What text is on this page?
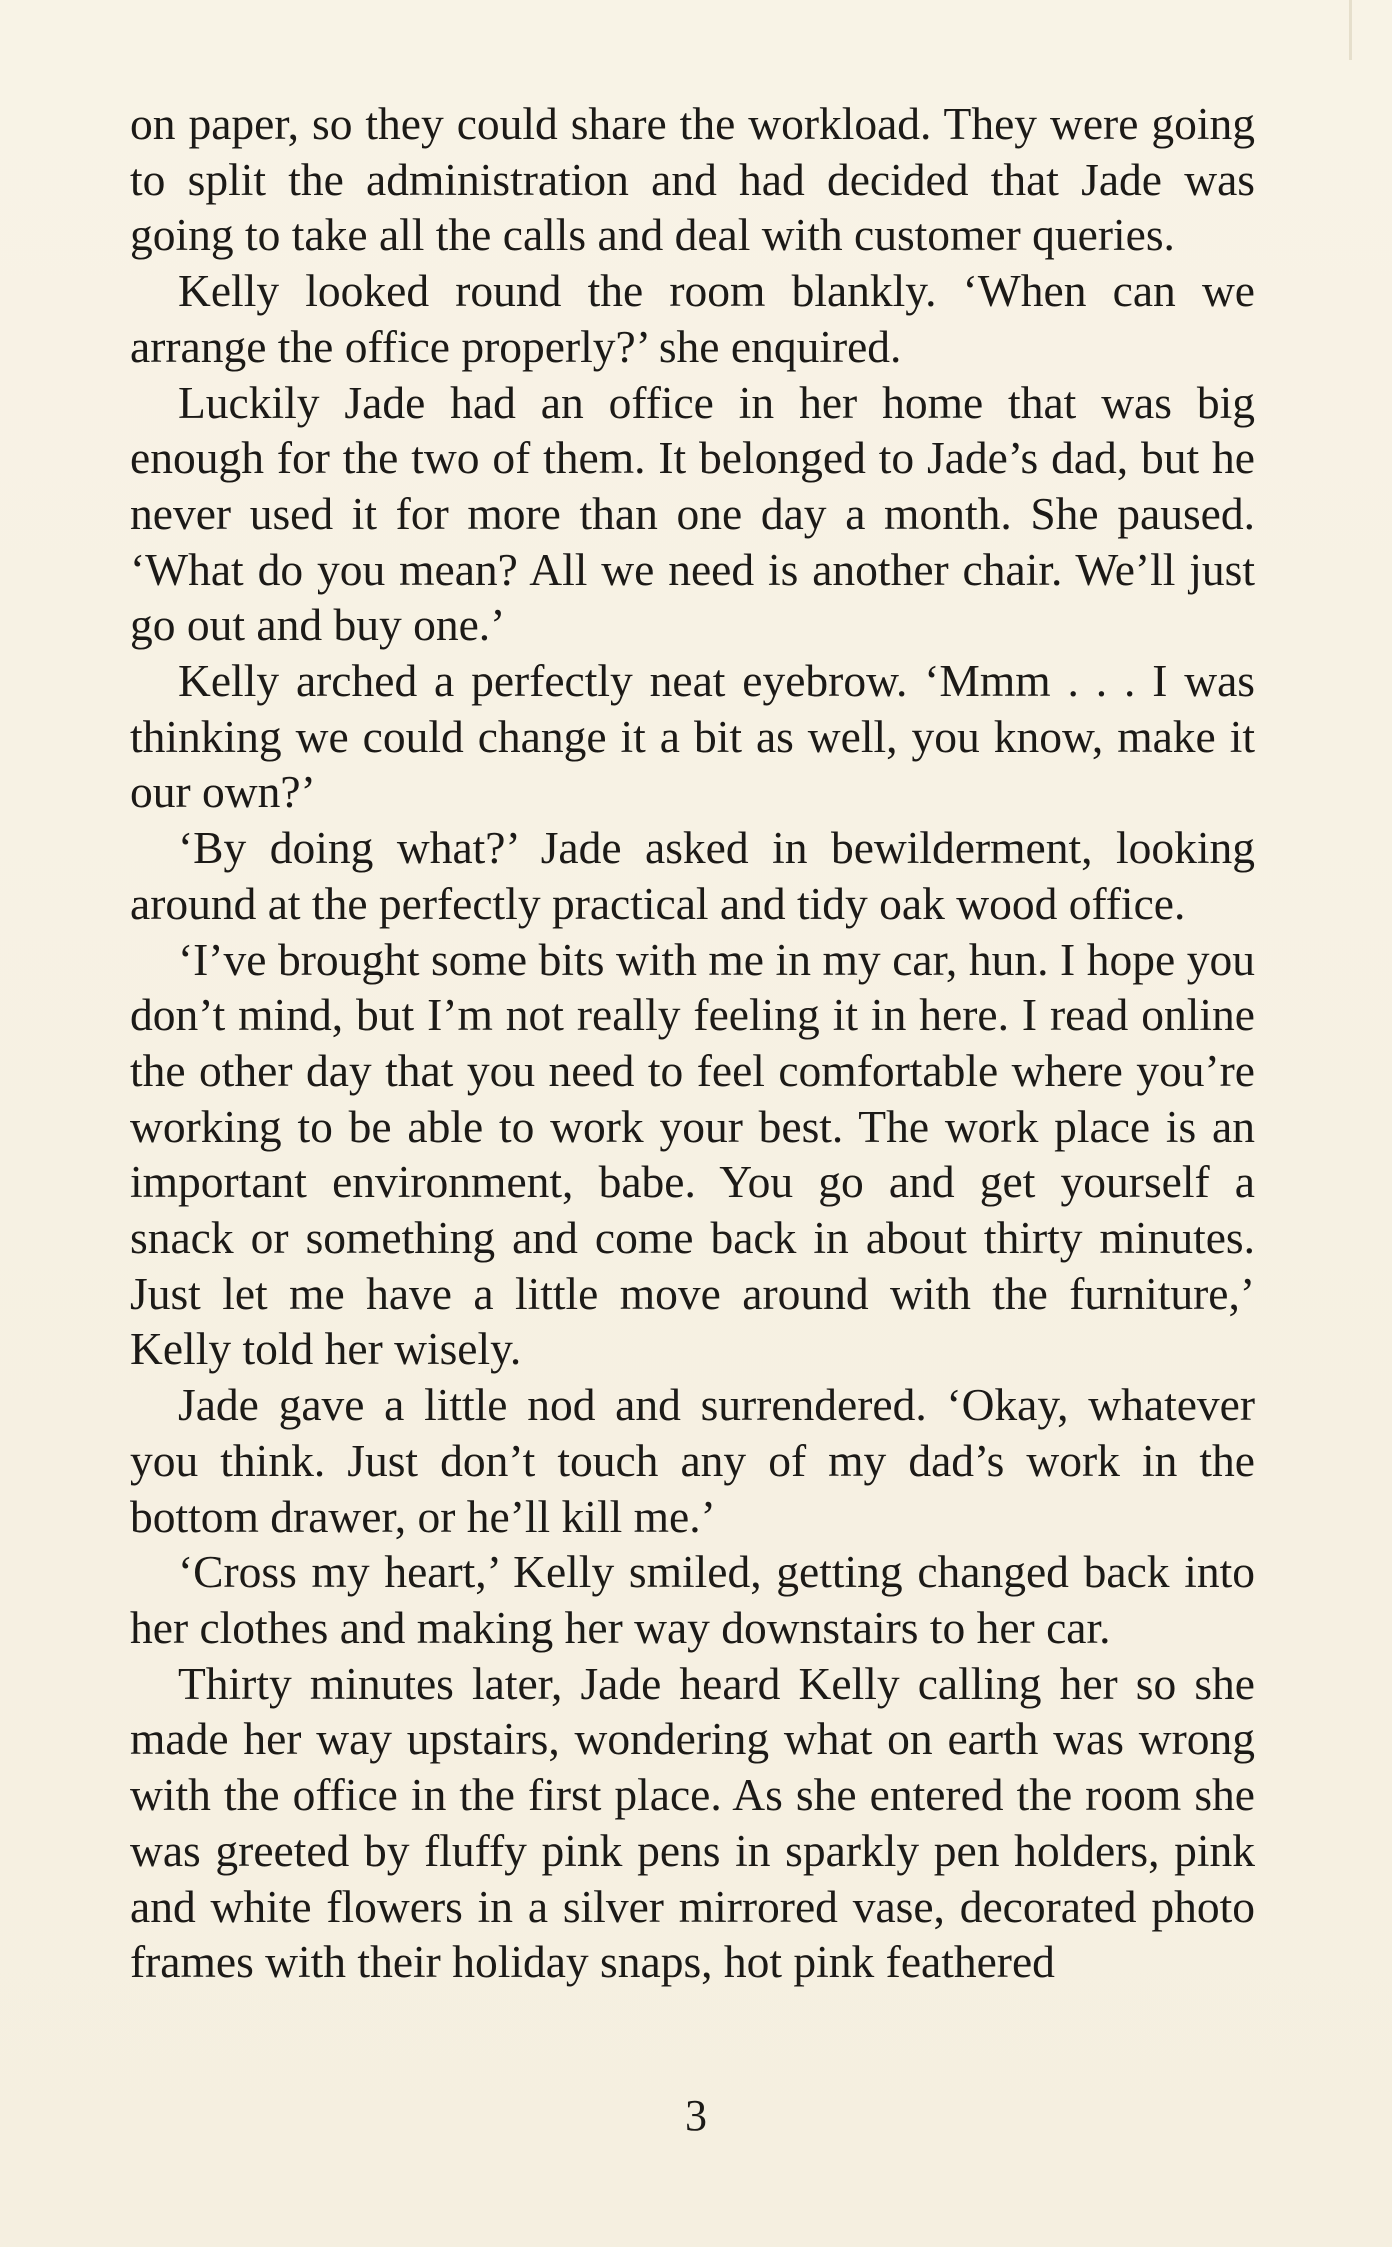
on paper, so they could share the workload. They were going to split the administration and had decided that Jade was going to take all the calls and deal with customer queries.

Kelly looked round the room blankly. ‘When can we arrange the office properly?’ she enquired.

Luckily Jade had an office in her home that was big enough for the two of them. It belonged to Jade’s dad, but he never used it for more than one day a month. She paused. ‘What do you mean? All we need is another chair. We’ll just go out and buy one.’

Kelly arched a perfectly neat eyebrow. ‘Mmm . . . I was thinking we could change it a bit as well, you know, make it our own?’

‘By doing what?’ Jade asked in bewilderment, looking around at the perfectly practical and tidy oak wood office.

‘I’ve brought some bits with me in my car, hun. I hope you don’t mind, but I’m not really feeling it in here. I read online the other day that you need to feel comfortable where you’re working to be able to work your best. The work place is an important environment, babe. You go and get yourself a snack or something and come back in about thirty minutes. Just let me have a little move around with the furniture,’ Kelly told her wisely.

Jade gave a little nod and surrendered. ‘Okay, whatever you think. Just don’t touch any of my dad’s work in the bottom drawer, or he’ll kill me.’

‘Cross my heart,’ Kelly smiled, getting changed back into her clothes and making her way downstairs to her car.

Thirty minutes later, Jade heard Kelly calling her so she made her way upstairs, wondering what on earth was wrong with the office in the first place. As she entered the room she was greeted by fluffy pink pens in sparkly pen holders, pink and white flowers in a silver mirrored vase, decorated photo frames with their holiday snaps, hot pink feathered

3
